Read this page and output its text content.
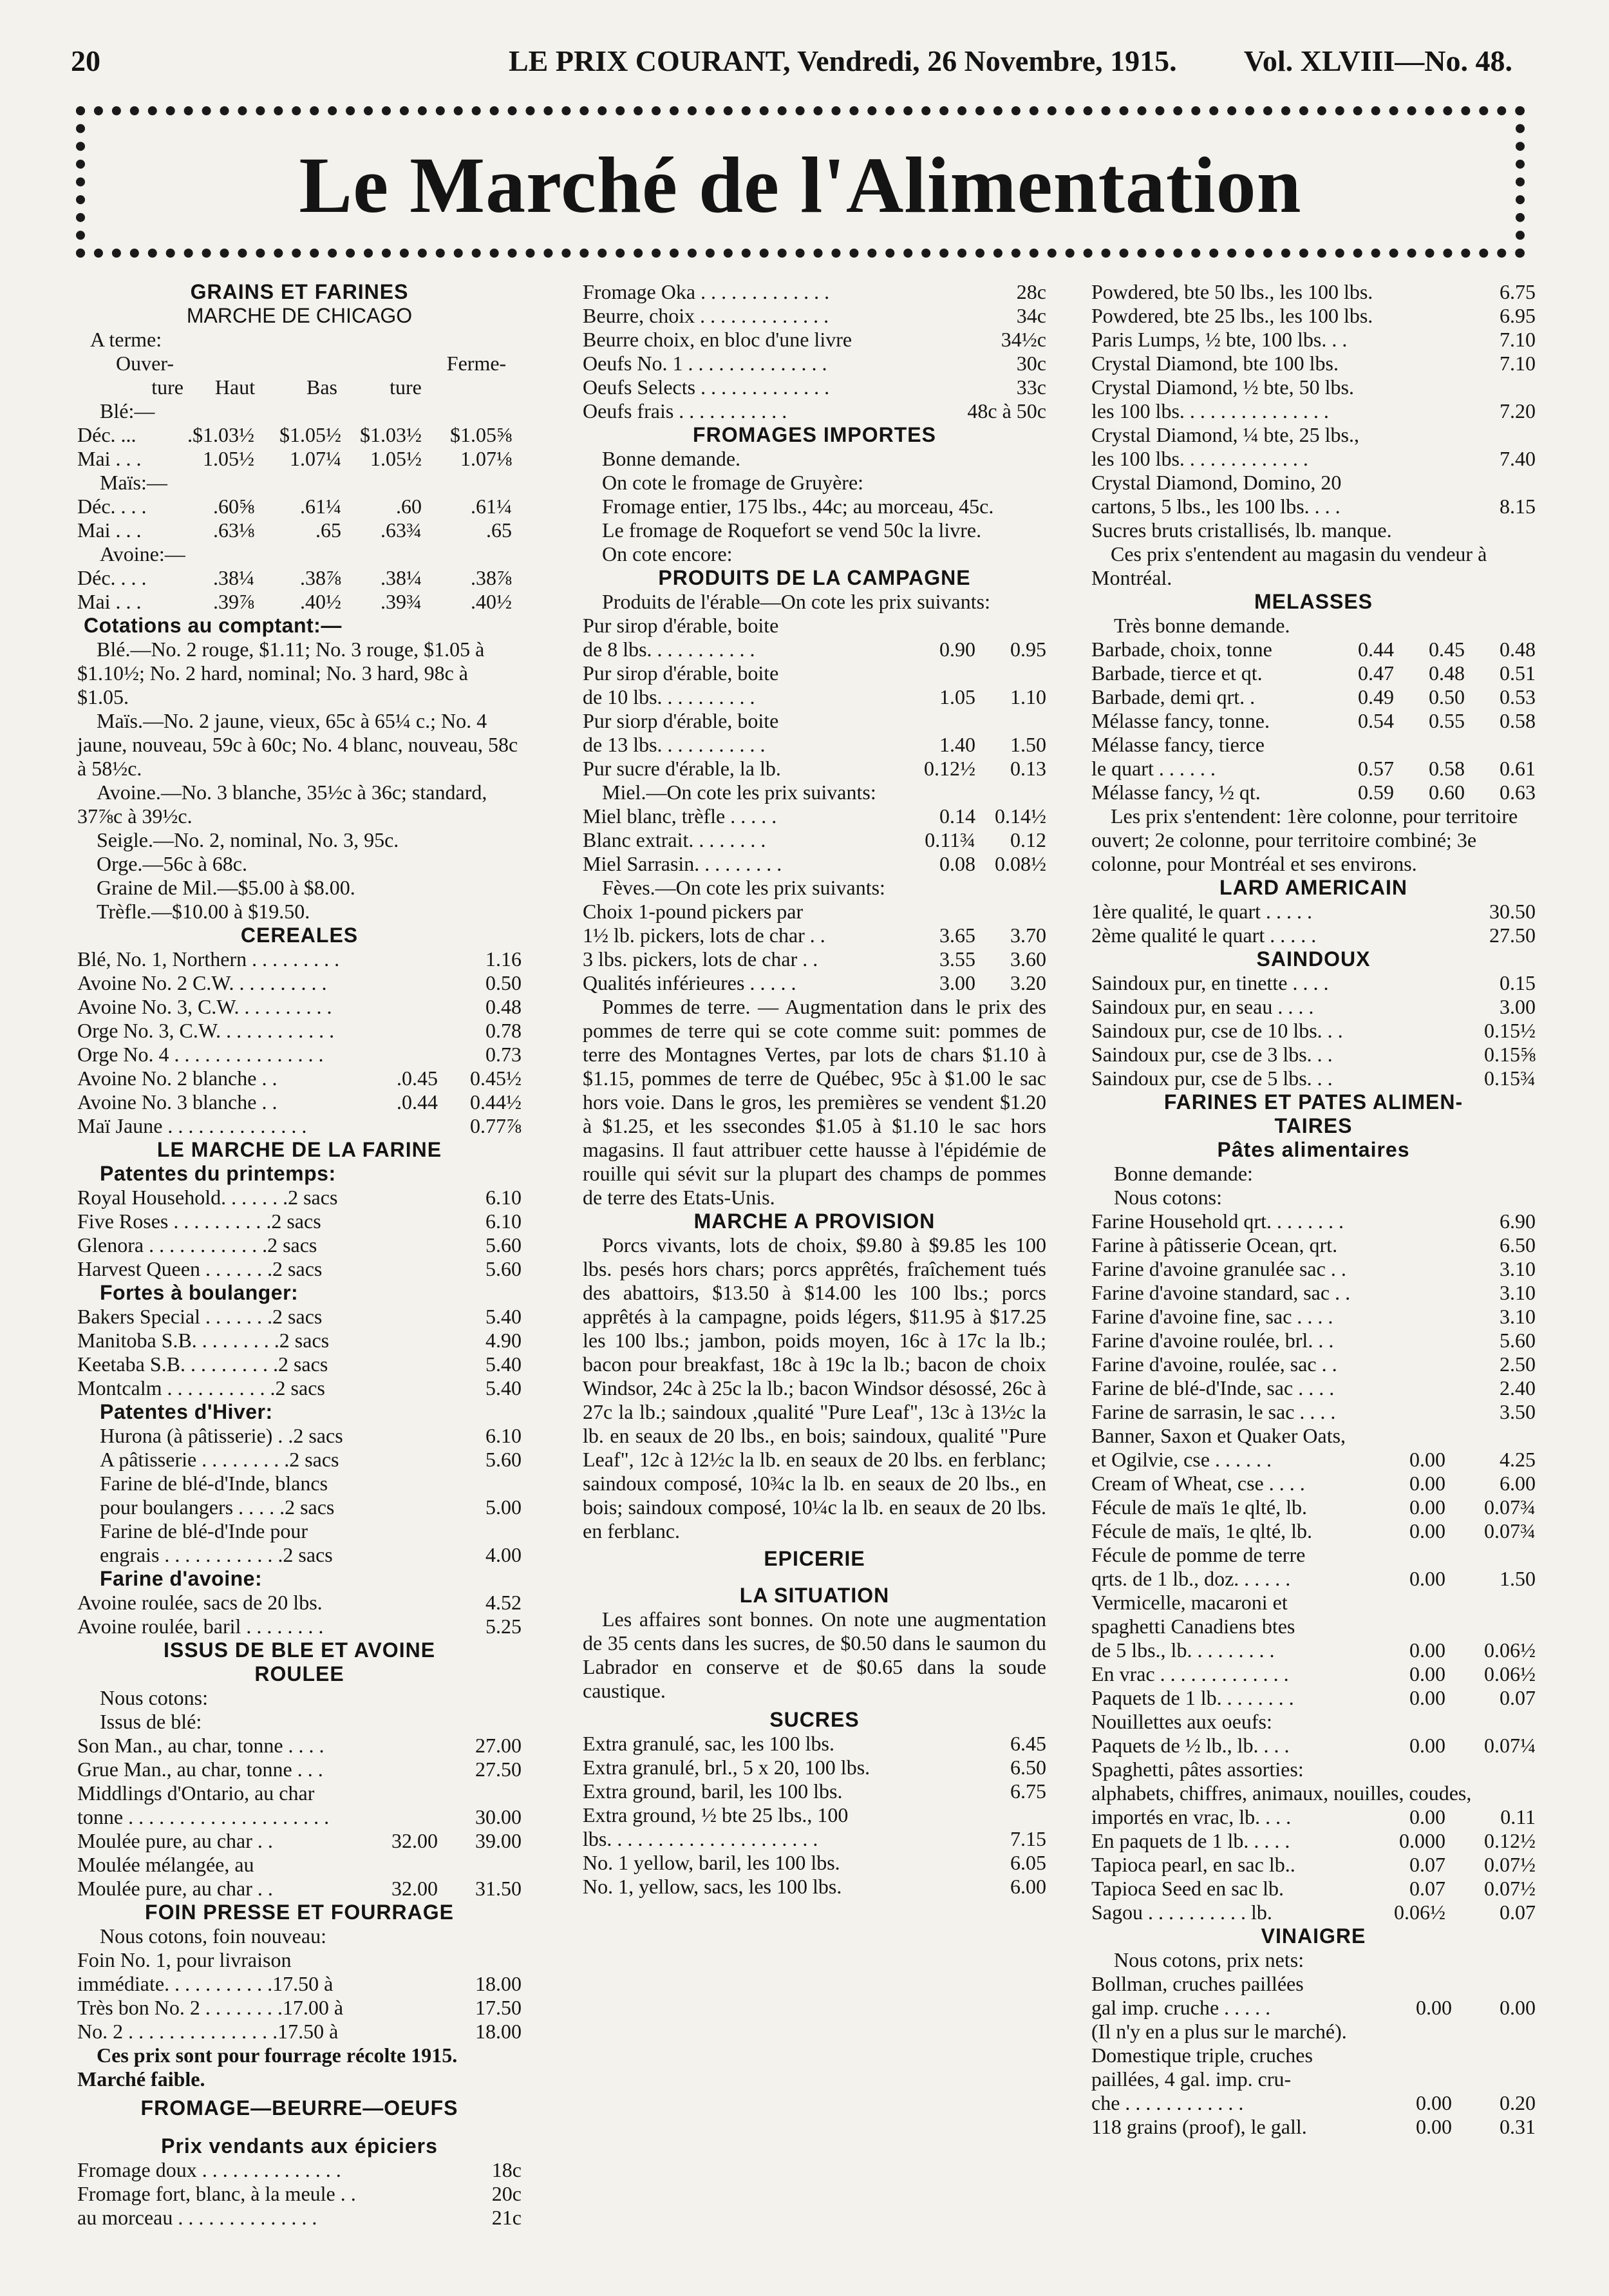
20	LE PRIX COURANT, Vendredi, 26 Novembre, 1915. Vol. XLVIII—No. 48.
Le Marché de l'Alimentation
GRAINS ET FARINES
MARCHE DE CHICAGO
A terme:
Ouver-	Ferme-
ture	Haut	Bas	ture
Blé:—
Déc. ...	.$1.03½	$1.05½ $1.03½	$1.05⅝
Mai . . .	1.05½	1.07¼	1.05½	1.07⅛
Maïs:—
Déc. . . .	.60⅝	.61¼	.60	.61¼
Mai . . .	.63⅛	.65	.63¾	.65
Avoine:—
Déc. . . .	.38¼	.38⅞	.38¼	.38⅞
Mai . . .	.39⅞	.40½	.39¾	.40½
Cotations au comptant:—
Blé.—No. 2 rouge, $1.11; No. 3 rouge, $1.05 à $1.10½; No. 2 hard, nominal; No. 3 hard, 98c à $1.05.
Maïs.—No. 2 jaune, vieux, 65c à 65¼ c.; No. 4 jaune, nouveau, 59c à 60c; No. 4 blanc, nouveau, 58c à 58½c.
Avoine.—No. 3 blanche, 35½c à 36c; standard, 37⅞c à 39½c.
Seigle.—No. 2, nominal, No. 3, 95c.
Orge.—56c à 68c.
Graine de Mil.—$5.00 à $8.00.
Trèfle.—$10.00 à $19.50.
CEREALES
Blé, No. 1, Northern . . . . . . . . .	1.16
Avoine No. 2 C.W. . . . . . . . . .	0.50
Avoine No. 3, C.W. . . . . . . . . .	0.48
Orge No. 3, C.W. . . . . . . . . . . .	0.78
Orge No. 4 . . . . . . . . . . . . . . .	0.73
Avoine No. 2 blanche . .	.0.45	0.45½
Avoine No. 3 blanche . .	.0.44	0.44½
Maï Jaune . . . . . . . . . . . . . .	0.77⅞
LE MARCHE DE LA FARINE
Patentes du printemps:
Royal Household. . . . . . .2 sacs	6.10
Five Roses . . . . . . . . . .2 sacs	6.10
Glenora . . . . . . . . . . . .2 sacs	5.60
Harvest Queen . . . . . . .2 sacs	5.60
Fortes à boulanger:
Bakers Special . . . . . . .2 sacs	5.40
Manitoba S.B. . . . . . . . .2 sacs	4.90
Keetaba S.B. . . . . . . . . .2 sacs	5.40
Montcalm . . . . . . . . . . .2 sacs	5.40
Patentes d'Hiver:
Hurona (à pâtisserie) . .2 sacs	6.10
A pâtisserie . . . . . . . . .2 sacs	5.60
Farine de blé-d'Inde, blancs
pour boulangers . . . . .2 sacs	5.00
Farine de blé-d'Inde pour
engrais . . . . . . . . . . . .2 sacs	4.00
Farine d'avoine:
Avoine roulée, sacs de 20 lbs.	4.52
Avoine roulée, baril . . . . . . . .	5.25
ISSUS DE BLE ET AVOINE
ROULEE
Nous cotons:
Issus de blé:
Son Man., au char, tonne . . . .	27.00
Grue Man., au char, tonne . . .	27.50
Middlings d'Ontario, au char
tonne . . . . . . . . . . . . . . . . . . . .	30.00
Moulée pure, au char . .	32.00	39.00
Moulée mélangée, au
Moulée pure, au char . .	32.00	31.50
FOIN PRESSE ET FOURRAGE
Nous cotons, foin nouveau:
Foin No. 1, pour livraison
immédiate. . . . . . . . . . .17.50 à	18.00
Très bon No. 2 . . . . . . . .17.00 à	17.50
No. 2 . . . . . . . . . . . . . . .17.50 à	18.00
Ces prix sont pour fourrage récolte 1915. Marché faible.
FROMAGE—BEURRE—OEUFS
Prix vendants aux épiciers
Fromage doux . . . . . . . . . . . . . .	18c
Fromage fort, blanc, à la meule . .	20c
au morceau . . . . . . . . . . . . . .	21c
Fromage Oka . . . . . . . . . . . . .	28c
Beurre, choix . . . . . . . . . . . . .	34c
Beurre choix, en bloc d'une livre	34½c
Oeufs No. 1 . . . . . . . . . . . . . .	30c
Oeufs Selects . . . . . . . . . . . . .	33c
Oeufs frais . . . . . . . . . . .	48c à 50c
FROMAGES IMPORTES
Bonne demande.
On cote le fromage de Gruyère:
Fromage entier, 175 lbs., 44c; au morceau, 45c.
Le fromage de Roquefort se vend 50c la livre.
On cote encore:
PRODUITS DE LA CAMPAGNE
Produits de l'érable—On cote les prix suivants:
Pur sirop d'érable, boite
de 8 lbs. . . . . . . . . . .	0.90	0.95
Pur sirop d'érable, boite
de 10 lbs. . . . . . . . . .	1.05	1.10
Pur siorp d'érable, boite
de 13 lbs. . . . . . . . . . .	1.40	1.50
Pur sucre d'érable, la lb.	0.12½	0.13
Miel.—On cote les prix suivants:
Miel blanc, trèfle . . . . .	0.14 0.14½
Blanc extrait. . . . . . . .	0.11¾	0.12
Miel Sarrasin. . . . . . . . .	0.08 0.08½
Fèves.—On cote les prix suivants:
Choix 1-pound pickers par
1½ lb. pickers, lots de char . .	3.65	3.70
3 lbs. pickers, lots de char . .	3.55	3.60
Qualités inférieures . . . . .	3.00	3.20
Pommes de terre. — Augmentation dans le prix des pommes de terre qui se cote comme suit: pommes de terre des Montagnes Vertes, par lots de chars $1.10 à $1.15, pommes de terre de Québec, 95c à $1.00 le sac hors voie. Dans le gros, les premières se vendent $1.20 à $1.25, et les ssecondes $1.05 à $1.10 le sac hors magasins. Il faut attribuer cette hausse à l'épidémie de rouille qui sévit sur la plupart des champs de pommes de terre des Etats-Unis.
MARCHE A PROVISION
Porcs vivants, lots de choix, $9.80 à $9.85 les 100 lbs. pesés hors chars; porcs apprêtés, fraîchement tués des abattoirs, $13.50 à $14.00 les 100 lbs.; porcs apprêtés à la campagne, poids légers, $11.95 à $17.25 les 100 lbs.; jambon, poids moyen, 16c à 17c la lb.; bacon pour breakfast, 18c à 19c la lb.; bacon de choix Windsor, 24c à 25c la lb.; bacon Windsor désossé, 26c à 27c la lb.; saindoux ,qualité "Pure Leaf", 13c à 13½c la lb. en seaux de 20 lbs., en bois; saindoux, qualité "Pure Leaf", 12c à 12½c la lb. en seaux de 20 lbs. en ferblanc; saindoux composé, 10¾c la lb. en seaux de 20 lbs., en bois; saindoux composé, 10¼c la lb. en seaux de 20 lbs. en ferblanc.
EPICERIE
LA SITUATION
Les affaires sont bonnes. On note une augmentation de 35 cents dans les sucres, de $0.50 dans le saumon du Labrador en conserve et de $0.65 dans la soude caustique.
SUCRES
Extra granulé, sac, les 100 lbs.	6.45
Extra granulé, brl., 5 x 20, 100 lbs.	6.50
Extra ground, baril, les 100 lbs.	6.75
Extra ground, ½ bte 25 lbs., 100
lbs. . . . . . . . . . . . . . . . . . . . .	7.15
No. 1 yellow, baril, les 100 lbs.	6.05
No. 1, yellow, sacs, les 100 lbs.	6.00
Powdered, bte 50 lbs., les 100 lbs.	6.75
Powdered, bte 25 lbs., les 100 lbs.	6.95
Paris Lumps, ½ bte, 100 lbs. . .	7.10
Crystal Diamond, bte 100 lbs.	7.10
Crystal Diamond, ½ bte, 50 lbs.
les 100 lbs. . . . . . . . . . . . . . .	7.20
Crystal Diamond, ¼ bte, 25 lbs.,
les 100 lbs. . . . . . . . . . . . .	7.40
Crystal Diamond, Domino, 20
cartons, 5 lbs., les 100 lbs. . . .	8.15
Sucres bruts cristallisés, lb. manque.
Ces prix s'entendent au magasin du vendeur à Montréal.
MELASSES
Très bonne demande.
Barbade, choix, tonne	0.44	0.45	0.48
Barbade, tierce et qt.	0.47	0.48	0.51
Barbade, demi qrt. .	0.49	0.50	0.53
Mélasse fancy, tonne.	0.54	0.55	0.58
Mélasse fancy, tierce
le quart . . . . . .	0.57	0.58	0.61
Mélasse fancy, ½ qt.	0.59	0.60	0.63
Les prix s'entendent: 1ère colonne, pour territoire ouvert; 2e colonne, pour territoire combiné; 3e colonne, pour Montréal et ses environs.
LARD AMERICAIN
1ère qualité, le quart . . . . .	30.50
2ème qualité le quart . . . . .	27.50
SAINDOUX
Saindoux pur, en tinette . . . .	0.15
Saindoux pur, en seau . . . .	3.00
Saindoux pur, cse de 10 lbs. . .	0.15½
Saindoux pur, cse de 3 lbs. . .	0.15⅝
Saindoux pur, cse de 5 lbs. . .	0.15¾
FARINES ET PATES ALIMEN-
TAIRES
Pâtes alimentaires
Bonne demande:
Nous cotons:
Farine Household qrt. . . . . . . .	6.90
Farine à pâtisserie Ocean, qrt.	6.50
Farine d'avoine granulée sac . .	3.10
Farine d'avoine standard, sac . .	3.10
Farine d'avoine fine, sac . . . .	3.10
Farine d'avoine roulée, brl. . .	5.60
Farine d'avoine, roulée, sac . .	2.50
Farine de blé-d'Inde, sac . . . .	2.40
Farine de sarrasin, le sac . . . .	3.50
Banner, Saxon et Quaker Oats,
et Ogilvie, cse . . . . . .	0.00	4.25
Cream of Wheat, cse . . . .	0.00	6.00
Fécule de maïs 1e qlté, lb.	0.00	0.07¾
Fécule de maïs, 1e qlté, lb.	0.00	0.07¾
Fécule de pomme de terre
qrts. de 1 lb., doz. . . . . .	0.00	1.50
Vermicelle, macaroni et
spaghetti Canadiens btes
de 5 lbs., lb. . . . . . . . .	0.00	0.06½
En vrac . . . . . . . . . . . . .	0.00	0.06½
Paquets de 1 lb. . . . . . . .	0.00	0.07
Nouillettes aux oeufs:
Paquets de ½ lb., lb. . . .	0.00	0.07¼
Spaghetti, pâtes assorties:
alphabets, chiffres, animaux, nouilles, coudes,
importés en vrac, lb. . . .	0.00	0.11
En paquets de 1 lb. . . . .	0.000	0.12½
Tapioca pearl, en sac lb..	0.07	0.07½
Tapioca Seed en sac lb.	0.07	0.07½
Sagou . . . . . . . . . . lb.	0.06½	0.07
VINAIGRE
Nous cotons, prix nets:
Bollman, cruches paillées
gal imp. cruche . . . . .	0.00	0.00
(Il n'y en a plus sur le marché).
Domestique triple, cruches
paillées, 4 gal. imp. cru-
che . . . . . . . . . . . .	0.00	0.20
118 grains (proof), le gall.	0.00	0.31
